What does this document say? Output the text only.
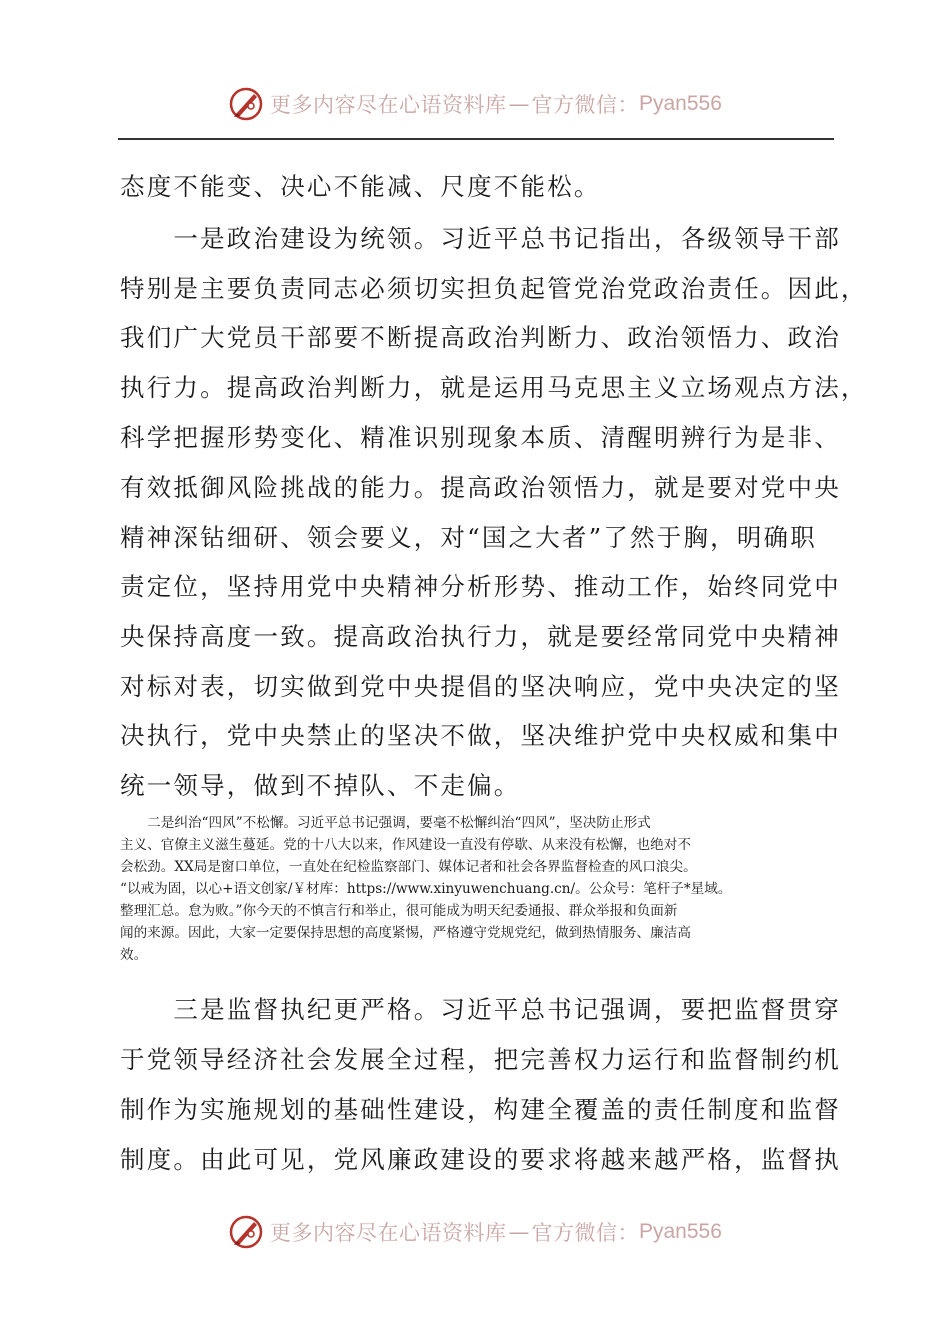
更多内容尽在心语资料库 — 官方微信： Pyan556
态度不能变、决心不能减、尺度不能松。
　　一是政治建设为统领。习近平总书记指出，各级领导干部
特别是主要负责同志必须切实担负起管党治党政治责任。因此，
我们广大党员干部要不断提高政治判断力、政治领悟力、政治
执行力。提高政治判断力，就是运用马克思主义立场观点方法，
科学把握形势变化、精准识别现象本质、清醒明辨行为是非、
有效抵御风险挑战的能力。提高政治领悟力，就是要对党中央
精神深钻细研、领会要义，对“国之大者”了然于胸，明确职
责定位，坚持用党中央精神分析形势、推动工作，始终同党中
央保持高度一致。提高政治执行力，就是要经常同党中央精神
对标对表，切实做到党中央提倡的坚决响应，党中央决定的坚
决执行，党中央禁止的坚决不做，坚决维护党中央权威和集中
统一领导，做到不掉队、不走偏。
　　二是纠治“四风”不松懈。习近平总书记强调，要毫不松懈纠治“四风”，坚决防止形式
主义、官僚主义滋生蔓延。党的十八大以来，作风建设一直没有停歇、从来没有松懈，也绝对不
会松劲。XX局是窗口单位，一直处在纪检监察部门、媒体记者和社会各界监督检查的风口浪尖。
“以戒为固，以心+语文创家/￥材库：https://www.xinyuwenchuang.cn/。公众号：笔杆子*星域。
整理汇总。怠为败。”你今天的不慎言行和举止，很可能成为明天纪委通报、群众举报和负面新
闻的来源。因此，大家一定要保持思想的高度紧惕，严格遵守党规党纪，做到热情服务、廉洁高
效。
　　三是监督执纪更严格。习近平总书记强调，要把监督贯穿
于党领导经济社会发展全过程，把完善权力运行和监督制约机
制作为实施规划的基础性建设，构建全覆盖的责任制度和监督
制度。由此可见，党风廉政建设的要求将越来越严格，监督执
更多内容尽在心语资料库 — 官方微信： Pyan556
